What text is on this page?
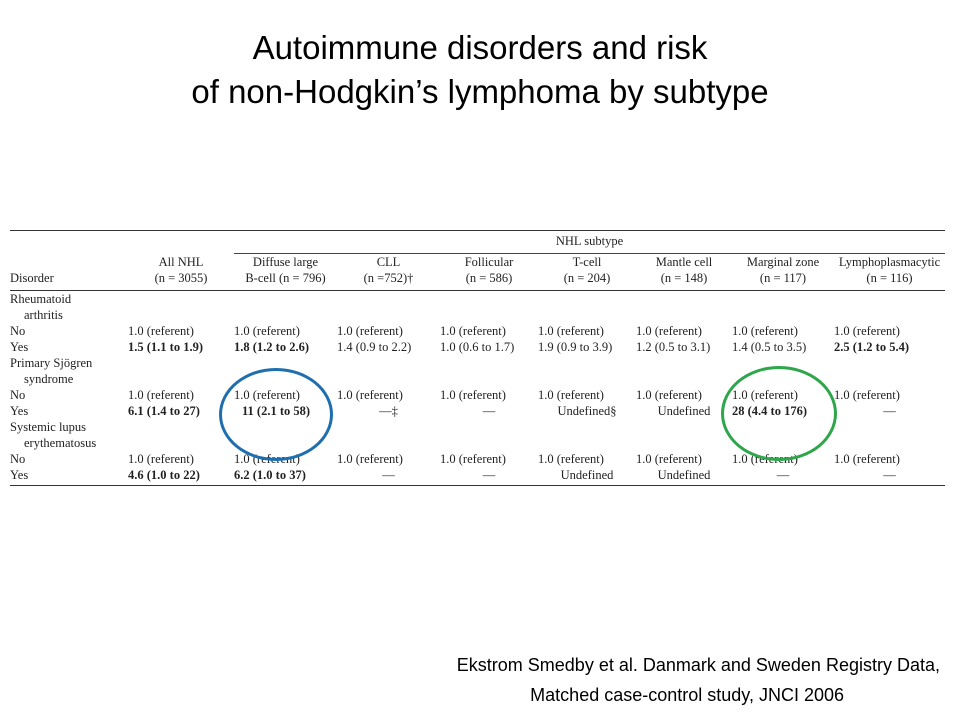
Autoimmune disorders and risk
of non-Hodgkin’s lymphoma by subtype

		NHL subtype						
	All NHL	Diffuse large	CLL	Follicular	T-cell	Mantle cell	Marginal zone	Lymphoplasmacytic
Disorder	(n = 3055)	B-cell (n = 796)	(n =752)†	(n = 586)	(n = 204)	(n = 148)	(n = 117)	(n = 116)
Rheumatoid								
arthritis								
No	1.0 (referent)	1.0 (referent)	1.0 (referent)	1.0 (referent)	1.0 (referent)	1.0 (referent)	1.0 (referent)	1.0 (referent)
Yes	1.5 (1.1 to 1.9)	1.8 (1.2 to 2.6)	1.4 (0.9 to 2.2)	1.0 (0.6 to 1.7)	1.9 (0.9 to 3.9)	1.2 (0.5 to 3.1)	1.4 (0.5 to 3.5)	2.5 (1.2 to 5.4)
Primary Sjögren								
syndrome								
No	1.0 (referent)	1.0 (referent)	1.0 (referent)	1.0 (referent)	1.0 (referent)	1.0 (referent)	1.0 (referent)	1.0 (referent)
Yes	6.1 (1.4 to 27)	11 (2.1 to 58)	—‡	—	Undefined§	Undefined	28 (4.4 to 176)	—
Systemic lupus								
erythematosus								
No	1.0 (referent)	1.0 (referent)	1.0 (referent)	1.0 (referent)	1.0 (referent)	1.0 (referent)	1.0 (referent)	1.0 (referent)
Yes	4.6 (1.0 to 22)	6.2 (1.0 to 37)	—	—	Undefined	Undefined	—	—
Ekstrom Smedby et al. Danmark and Sweden Registry Data,
Matched case-control study, JNCI 2006
